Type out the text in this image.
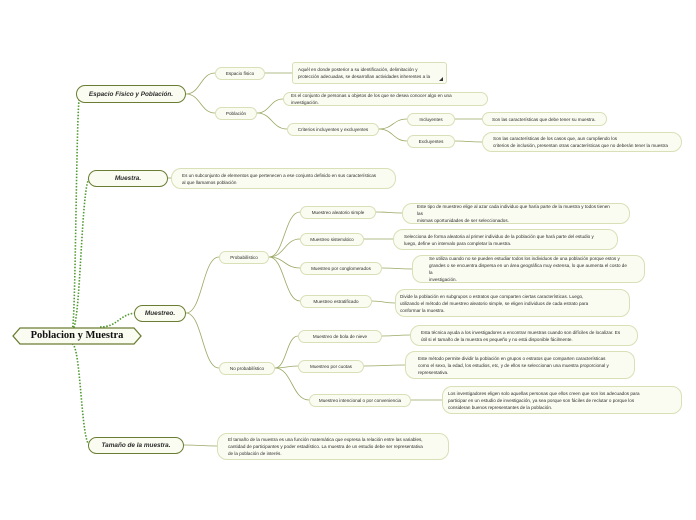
Poblacion y Muestra
Espacio Físico y Población.
Muestra.
Muestreo.
Tamaño de la muestra.
Espacio físico
Aquél en donde posterior a su identificación, delimitación y
protección adecuadas, se desarrollan actividades inherentes a la
Población
Es el conjunto de personas u objetos de los que se desea conocer algo en una investigación.
Criterios incluyentes y excluyentes
Incluyentes	Son las características que debe tener su muestra.
Excluyentes
Son las características de los casos que, aun cumpliendo los
criterios de inclusión, presentan otras características que no deberán tener la muestra
Es un subconjunto de elementos que pertenecen a ese conjunto definido en sus características
al que llamamos población
Probabilístico
Muestreo aleatorio simple
Este tipo de muestreo elige al azar cada individuo que haría parte de la muestra y todos tienen las
mismas oportunidades de ser seleccionados.
Muestreo sistemático
Selecciona de forma aleatoria al primer individuo de la población que hará parte del estudio y
luego, define un intervalo para completar la muestra.
Muestreo por conglomerados
Se utiliza cuando no se pueden estudiar todos los individuos de una población porque estos y
grandes o se encuentra dispersa en un área geográfica muy extensa, lo que aumenta el costo de la
investigación.
Muestreo estratificado
Divide la población en subgrupos o estratos que comparten ciertas características. Luego,
utilizando el método del muestreo aleatorio simple, se eligen individuos de cada estrato para
conformar la muestra.
No probabilístico
Muestreo de bola de nieve
Esta técnica ayuda a los investigadores a encontrar muestras cuando son difíciles de localizar. Es
útil si el tamaño de la muestra es pequeño y no está disponible fácilmente.
Muestreo por cuotas
Este método permite dividir la población en grupos o estratos que comparten características
como el sexo, la edad, los estudios, etc, y de ellos se seleccionan una muestra proporcional y
representativa.
Muestreo intencional o por conveniencia
Los investigadores eligen solo aquellas personas que ellos creen que son los adecuados para
participar en un estudio de investigación, ya sea porque son fáciles de reclutar o porque los
consideran buenos representantes de la población.
El tamaño de la muestra es una función matemática que expresa la relación entre las variables,
cantidad de participantes y poder estadístico. La muestra de un estudio debe ser representativa
de la población de interés.
